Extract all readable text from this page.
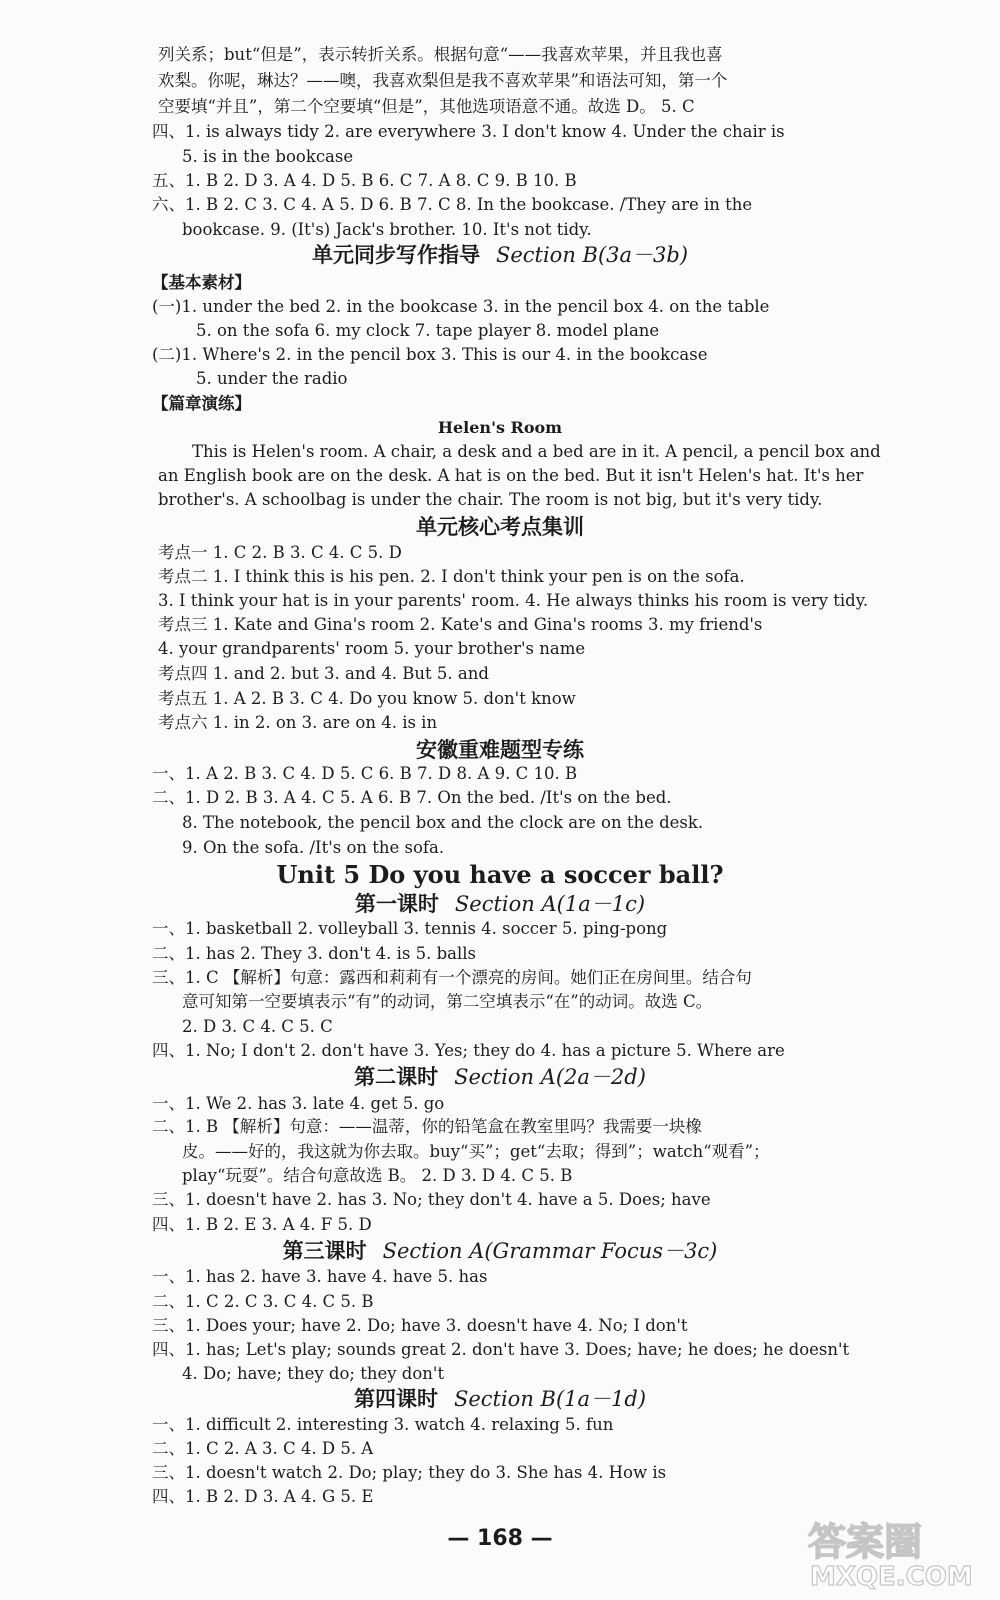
列关系；but“但是”，表示转折关系。根据句意“——我喜欢苹果，并且我也喜
欢梨。你呢，琳达？——噢，我喜欢梨但是我不喜欢苹果”和语法可知，第一个
空要填“并且”，第二个空要填“但是”，其他选项语意不通。故选 D。 5. C
四、1. is always tidy 2. are everywhere 3. I don't know 4. Under the chair is
5. is in the bookcase
五、1. B 2. D 3. A 4. D 5. B 6. C 7. A 8. C 9. B 10. B
六、1. B 2. C 3. C 4. A 5. D 6. B 7. C 8. In the bookcase. /They are in the
bookcase. 9. (It's) Jack's brother. 10. It's not tidy.
单元同步写作指导 Section B(3a－3b)
【基本素材】
(一)1. under the bed 2. in the bookcase 3. in the pencil box 4. on the table
5. on the sofa 6. my clock 7. tape player 8. model plane
(二)1. Where's 2. in the pencil box 3. This is our 4. in the bookcase
5. under the radio
【篇章演练】
Helen's Room
This is Helen's room. A chair, a desk and a bed are in it. A pencil, a pencil box and
an English book are on the desk. A hat is on the bed. But it isn't Helen's hat. It's her
brother's. A schoolbag is under the chair. The room is not big, but it's very tidy.
单元核心考点集训
考点一 1. C 2. B 3. C 4. C 5. D
考点二 1. I think this is his pen. 2. I don't think your pen is on the sofa.
3. I think your hat is in your parents' room. 4. He always thinks his room is very tidy.
考点三 1. Kate and Gina's room 2. Kate's and Gina's rooms 3. my friend's
4. your grandparents' room 5. your brother's name
考点四 1. and 2. but 3. and 4. But 5. and
考点五 1. A 2. B 3. C 4. Do you know 5. don't know
考点六 1. in 2. on 3. are on 4. is in
安徽重难题型专练
一、1. A 2. B 3. C 4. D 5. C 6. B 7. D 8. A 9. C 10. B
二、1. D 2. B 3. A 4. C 5. A 6. B 7. On the bed. /It's on the bed.
8. The notebook, the pencil box and the clock are on the desk.
9. On the sofa. /It's on the sofa.
Unit 5 Do you have a soccer ball?
第一课时 Section A(1a－1c)
一、1. basketball 2. volleyball 3. tennis 4. soccer 5. ping-pong
二、1. has 2. They 3. don't 4. is 5. balls
三、1. C 【解析】句意：露西和莉莉有一个漂亮的房间。她们正在房间里。结合句
意可知第一空要填表示“有”的动词，第二空填表示“在”的动词。故选 C。
2. D 3. C 4. C 5. C
四、1. No; I don't 2. don't have 3. Yes; they do 4. has a picture 5. Where are
第二课时 Section A(2a－2d)
一、1. We 2. has 3. late 4. get 5. go
二、1. B 【解析】句意：——温蒂，你的铅笔盒在教室里吗？我需要一块橡
皮。——好的，我这就为你去取。buy“买”；get“去取；得到”；watch“观看”；
play“玩耍”。结合句意故选 B。 2. D 3. D 4. C 5. B
三、1. doesn't have 2. has 3. No; they don't 4. have a 5. Does; have
四、1. B 2. E 3. A 4. F 5. D
第三课时 Section A(Grammar Focus－3c)
一、1. has 2. have 3. have 4. have 5. has
二、1. C 2. C 3. C 4. C 5. B
三、1. Does your; have 2. Do; have 3. doesn't have 4. No; I don't
四、1. has; Let's play; sounds great 2. don't have 3. Does; have; he does; he doesn't
4. Do; have; they do; they don't
第四课时 Section B(1a－1d)
一、1. difficult 2. interesting 3. watch 4. relaxing 5. fun
二、1. C 2. A 3. C 4. D 5. A
三、1. doesn't watch 2. Do; play; they do 3. She has 4. How is
四、1. B 2. D 3. A 4. G 5. E
— 168 —	答案圈
MXQE.COM
